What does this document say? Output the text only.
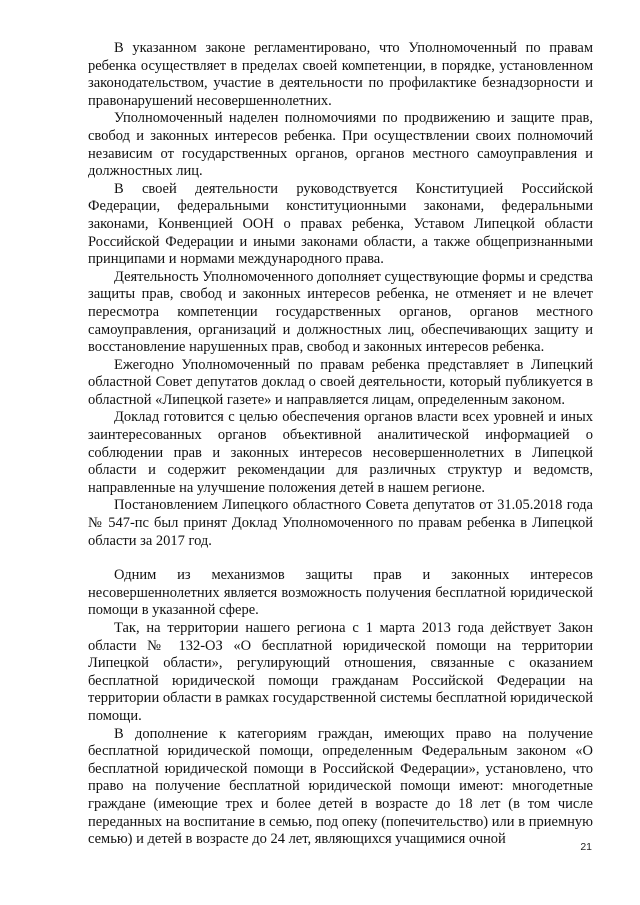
В указанном законе регламентировано, что Уполномоченный по правам ребенка осуществляет в пределах своей компетенции, в порядке, установленном законодательством, участие в деятельности по профилактике безнадзорности и правонарушений несовершеннолетних.

Уполномоченный наделен полномочиями по продвижению и защите прав, свобод и законных интересов ребенка. При осуществлении своих полномочий независим от государственных органов, органов местного самоуправления и должностных лиц.

В своей деятельности руководствуется Конституцией Российской Федерации, федеральными конституционными законами, федеральными законами, Конвенцией ООН о правах ребенка, Уставом Липецкой области Российской Федерации и иными законами области, а также общепризнанными принципами и нормами международного права.

Деятельность Уполномоченного дополняет существующие формы и средства защиты прав, свобод и законных интересов ребенка, не отменяет и не влечет пересмотра компетенции государственных органов, органов местного самоуправления, организаций и должностных лиц, обеспечивающих защиту и восстановление нарушенных прав, свобод и законных интересов ребенка.

Ежегодно Уполномоченный по правам ребенка представляет в Липецкий областной Совет депутатов доклад о своей деятельности, который публикуется в областной «Липецкой газете» и направляется лицам, определенным законом.

Доклад готовится с целью обеспечения органов власти всех уровней и иных заинтересованных органов объективной аналитической информацией о соблюдении прав и законных интересов несовершеннолетних в Липецкой области и содержит рекомендации для различных структур и ведомств, направленные на улучшение положения детей в нашем регионе.

Постановлением Липецкого областного Совета депутатов от 31.05.2018 года № 547-пс был принят Доклад Уполномоченного по правам ребенка в Липецкой области за 2017 год.

Одним из механизмов защиты прав и законных интересов несовершеннолетних является возможность получения бесплатной юридической помощи в указанной сфере.

Так, на территории нашего региона с 1 марта 2013 года действует Закон области № 132-ОЗ «О бесплатной юридической помощи на территории Липецкой области», регулирующий отношения, связанные с оказанием бесплатной юридической помощи гражданам Российской Федерации на территории области в рамках государственной системы бесплатной юридической помощи.

В дополнение к категориям граждан, имеющих право на получение бесплатной юридической помощи, определенным Федеральным законом «О бесплатной юридической помощи в Российской Федерации», установлено, что право на получение бесплатной юридической помощи имеют: многодетные граждане (имеющие трех и более детей в возрасте до 18 лет (в том числе переданных на воспитание в семью, под опеку (попечительство) или в приемную семью) и детей в возрасте до 24 лет, являющихся учащимися очной	21
